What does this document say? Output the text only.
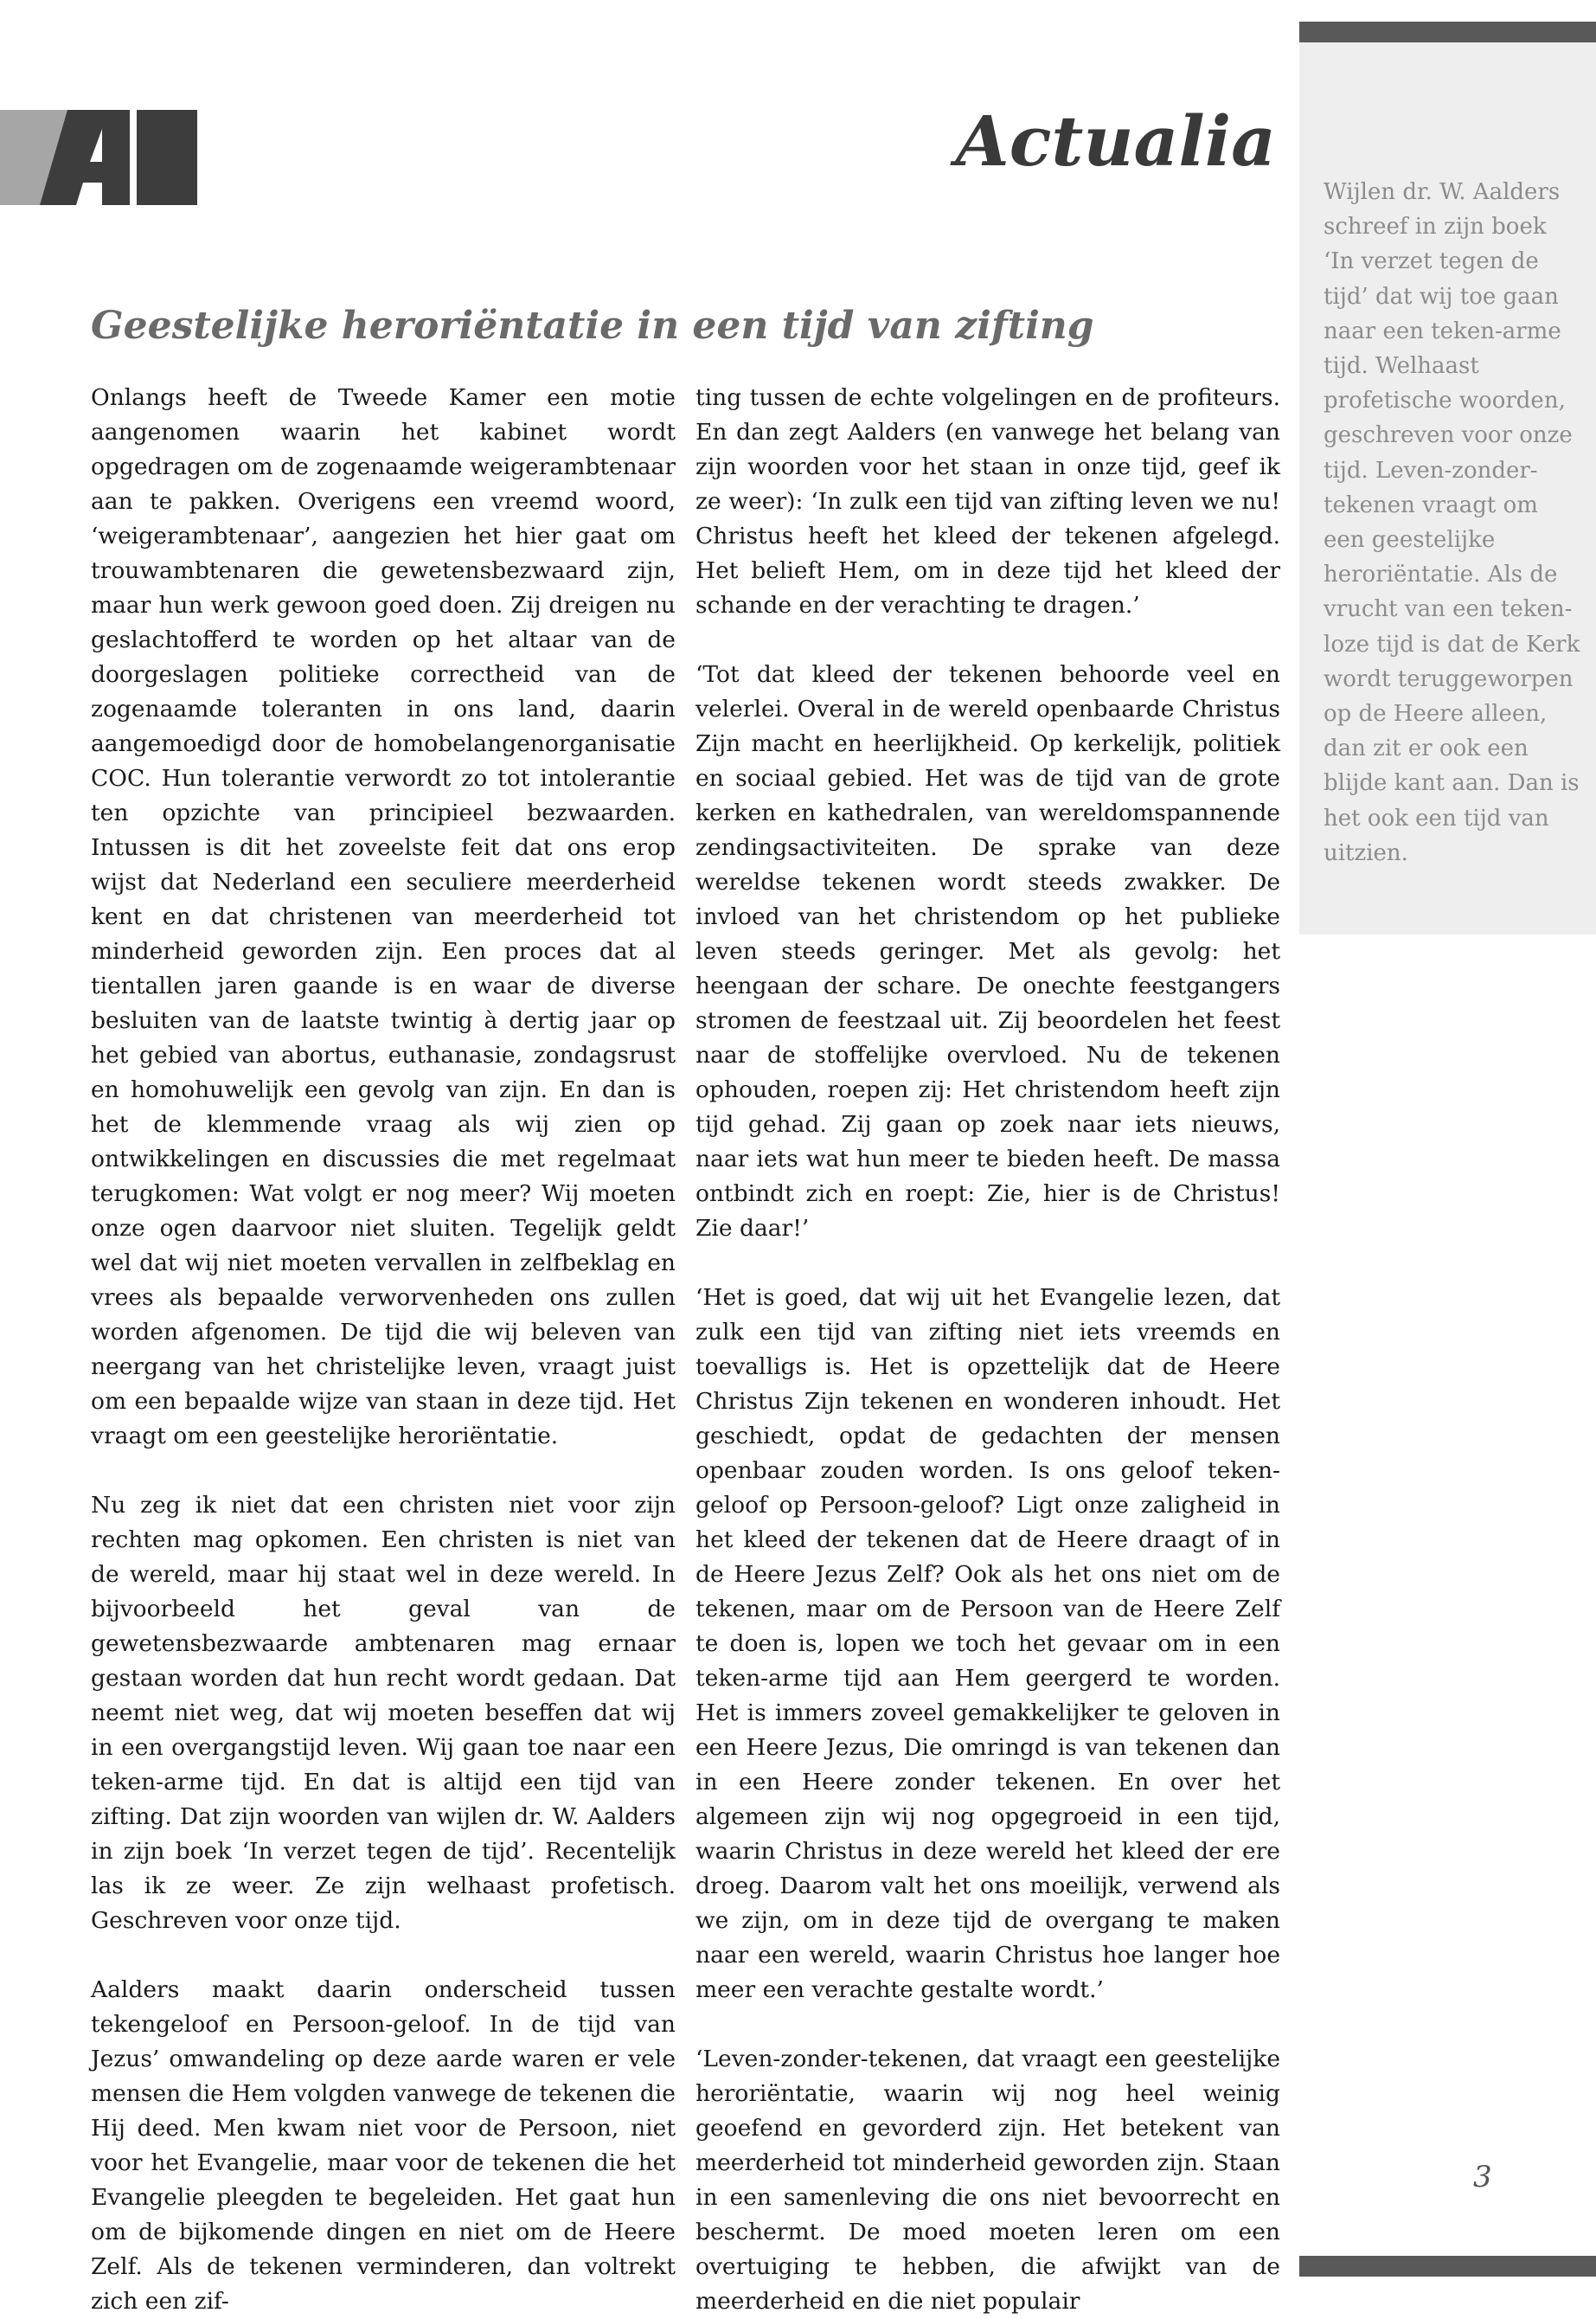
Actualia
Geestelijke heroriëntatie in een tijd van zifting

Onlangs heeft de Tweede Kamer een motie aangenomen waarin het kabinet wordt opgedragen om de zogenaamde weigerambtenaar aan te pakken. Overigens een vreemd woord, ‘weigerambtenaar’, aangezien het hier gaat om trouwambtenaren die gewetensbezwaard zijn, maar hun werk gewoon goed doen. Zij dreigen nu geslachtofferd te worden op het altaar van de doorgeslagen politieke correctheid van de zogenaamde toleranten in ons land, daarin aangemoedigd door de homobelangenorganisatie COC. Hun tolerantie verwordt zo tot intolerantie ten opzichte van principieel bezwaarden. Intussen is dit het zoveelste feit dat ons erop wijst dat Nederland een seculiere meerderheid kent en dat christenen van meerderheid tot minderheid geworden zijn. Een proces dat al tientallen jaren gaande is en waar de diverse besluiten van de laatste twintig à dertig jaar op het gebied van abortus, euthanasie, zondagsrust en homohuwelijk een gevolg van zijn. En dan is het de klemmende vraag als wij zien op ontwikkelingen en discussies die met regelmaat terugkomen: Wat volgt er nog meer? Wij moeten onze ogen daarvoor niet sluiten. Tegelijk geldt wel dat wij niet moeten vervallen in zelfbeklag en vrees als bepaalde verworvenheden ons zullen worden afgenomen. De tijd die wij beleven van neergang van het christelijke leven, vraagt juist om een bepaalde wijze van staan in deze tijd. Het vraagt om een geestelijke heroriëntatie.

Nu zeg ik niet dat een christen niet voor zijn rechten mag opkomen. Een christen is niet van de wereld, maar hij staat wel in deze wereld. In bijvoorbeeld het geval van de gewetensbezwaarde ambtenaren mag ernaar gestaan worden dat hun recht wordt gedaan. Dat neemt niet weg, dat wij moeten beseffen dat wij in een overgangstijd leven. Wij gaan toe naar een teken-arme tijd. En dat is altijd een tijd van zifting. Dat zijn woorden van wijlen dr. W. Aalders in zijn boek ‘In verzet tegen de tijd’. Recentelijk las ik ze weer. Ze zijn welhaast profetisch. Geschreven voor onze tijd.

Aalders maakt daarin onderscheid tussen tekengeloof en Persoon-geloof. In de tijd van Jezus’ omwandeling op deze aarde waren er vele mensen die Hem volgden vanwege de tekenen die Hij deed. Men kwam niet voor de Persoon, niet voor het Evangelie, maar voor de tekenen die het Evangelie pleegden te begeleiden. Het gaat hun om de bijkomende dingen en niet om de Heere Zelf. Als de tekenen verminderen, dan voltrekt zich een zif-

ting tussen de echte volgelingen en de profiteurs. En dan zegt Aalders (en vanwege het belang van zijn woorden voor het staan in onze tijd, geef ik ze weer): ‘In zulk een tijd van zifting leven we nu! Christus heeft het kleed der tekenen afgelegd. Het belieft Hem, om in deze tijd het kleed der schande en der verachting te dragen.’

‘Tot dat kleed der tekenen behoorde veel en velerlei. Overal in de wereld openbaarde Christus Zijn macht en heerlijkheid. Op kerkelijk, politiek en sociaal gebied. Het was de tijd van de grote kerken en kathedralen, van wereldomspannende zendingsactiviteiten. De sprake van deze wereldse tekenen wordt steeds zwakker. De invloed van het christendom op het publieke leven steeds geringer. Met als gevolg: het heengaan der schare. De onechte feestgangers stromen de feestzaal uit. Zij beoordelen het feest naar de stoffelijke overvloed. Nu de tekenen ophouden, roepen zij: Het christendom heeft zijn tijd gehad. Zij gaan op zoek naar iets nieuws, naar iets wat hun meer te bieden heeft. De massa ontbindt zich en roept: Zie, hier is de Christus! Zie daar!’

‘Het is goed, dat wij uit het Evangelie lezen, dat zulk een tijd van zifting niet iets vreemds en toevalligs is. Het is opzettelijk dat de Heere Christus Zijn tekenen en wonderen inhoudt. Het geschiedt, opdat de gedachten der mensen openbaar zouden worden. Is ons geloof teken-geloof op Persoon-geloof? Ligt onze zaligheid in het kleed der tekenen dat de Heere draagt of in de Heere Jezus Zelf? Ook als het ons niet om de tekenen, maar om de Persoon van de Heere Zelf te doen is, lopen we toch het gevaar om in een teken-arme tijd aan Hem geergerd te worden. Het is immers zoveel gemakkelijker te geloven in een Heere Jezus, Die omringd is van tekenen dan in een Heere zonder tekenen. En over het algemeen zijn wij nog opgegroeid in een tijd, waarin Christus in deze wereld het kleed der ere droeg. Daarom valt het ons moeilijk, verwend als we zijn, om in deze tijd de overgang te maken naar een wereld, waarin Christus hoe langer hoe meer een verachte gestalte wordt.’

‘Leven-zonder-tekenen, dat vraagt een geestelijke heroriëntatie, waarin wij nog heel weinig geoefend en gevorderd zijn. Het betekent van meerderheid tot minderheid geworden zijn. Staan in een samenleving die ons niet bevoorrecht en beschermt. De moed moeten leren om een overtuiging te hebben, die afwijkt van de meerderheid en die niet populair

Wijlen dr. W. Aalders schreef in zijn boek ‘In verzet tegen de tijd’ dat wij toe gaan naar een teken-arme tijd. Welhaast profetische woorden, geschreven voor onze tijd. Leven-zonder-tekenen vraagt om een geestelijke heroriëntatie. Als de vrucht van een teken-loze tijd is dat de Kerk wordt teruggeworpen op de Heere alleen, dan zit er ook een blijde kant aan. Dan is het ook een tijd van uitzien.

3
